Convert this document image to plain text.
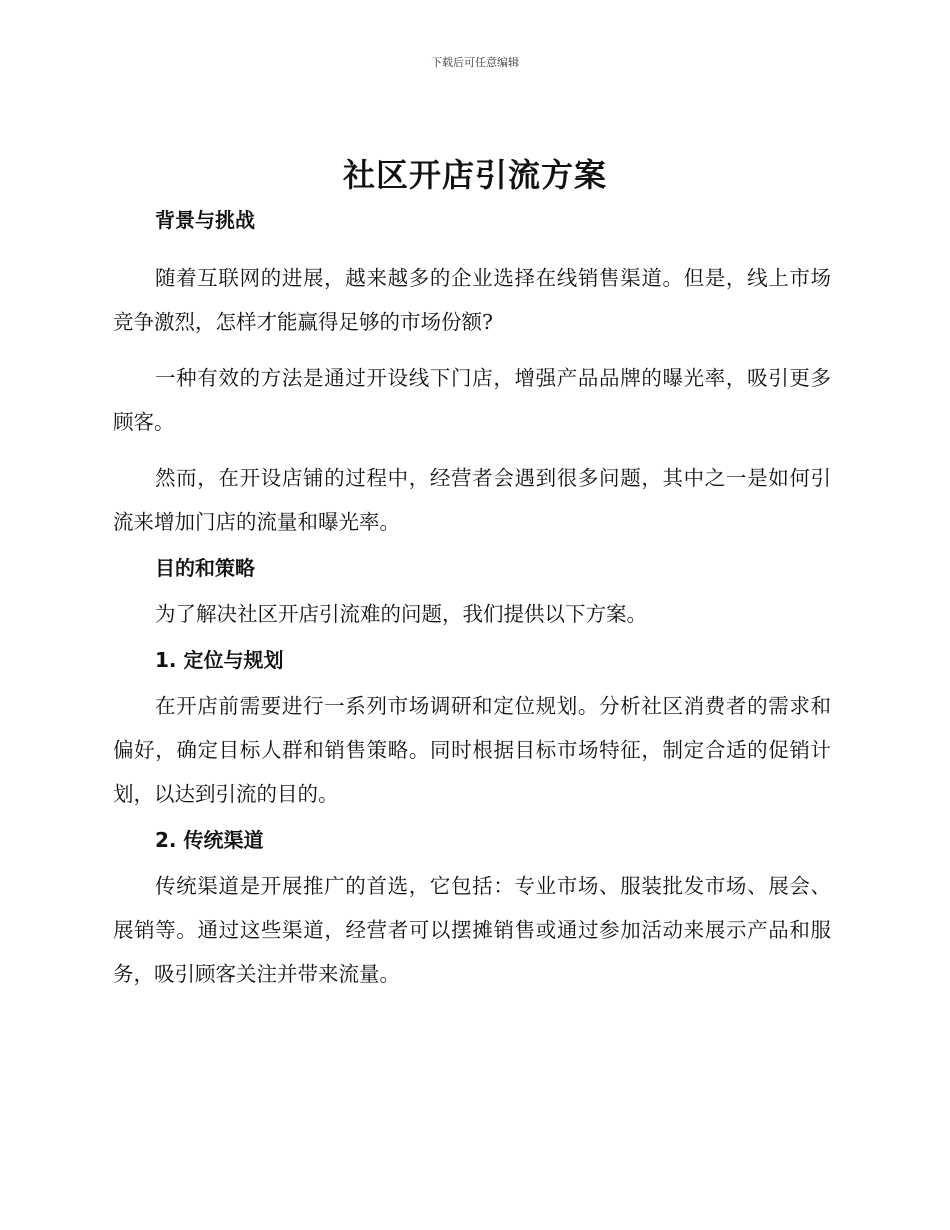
下载后可任意编辑
社区开店引流方案
背景与挑战

随着互联网的进展，越来越多的企业选择在线销售渠道。但是，线上市场竞争激烈，怎样才能赢得足够的市场份额?

一种有效的方法是通过开设线下门店，增强产品品牌的曝光率，吸引更多顾客。

然而，在开设店铺的过程中，经营者会遇到很多问题，其中之一是如何引流来增加门店的流量和曝光率。

目的和策略

为了解决社区开店引流难的问题，我们提供以下方案。

1. 定位与规划

在开店前需要进行一系列市场调研和定位规划。分析社区消费者的需求和偏好，确定目标人群和销售策略。同时根据目标市场特征，制定合适的促销计划，以达到引流的目的。

2. 传统渠道

传统渠道是开展推广的首选，它包括：专业市场、服装批发市场、展会、展销等。通过这些渠道，经营者可以摆摊销售或通过参加活动来展示产品和服务，吸引顾客关注并带来流量。
